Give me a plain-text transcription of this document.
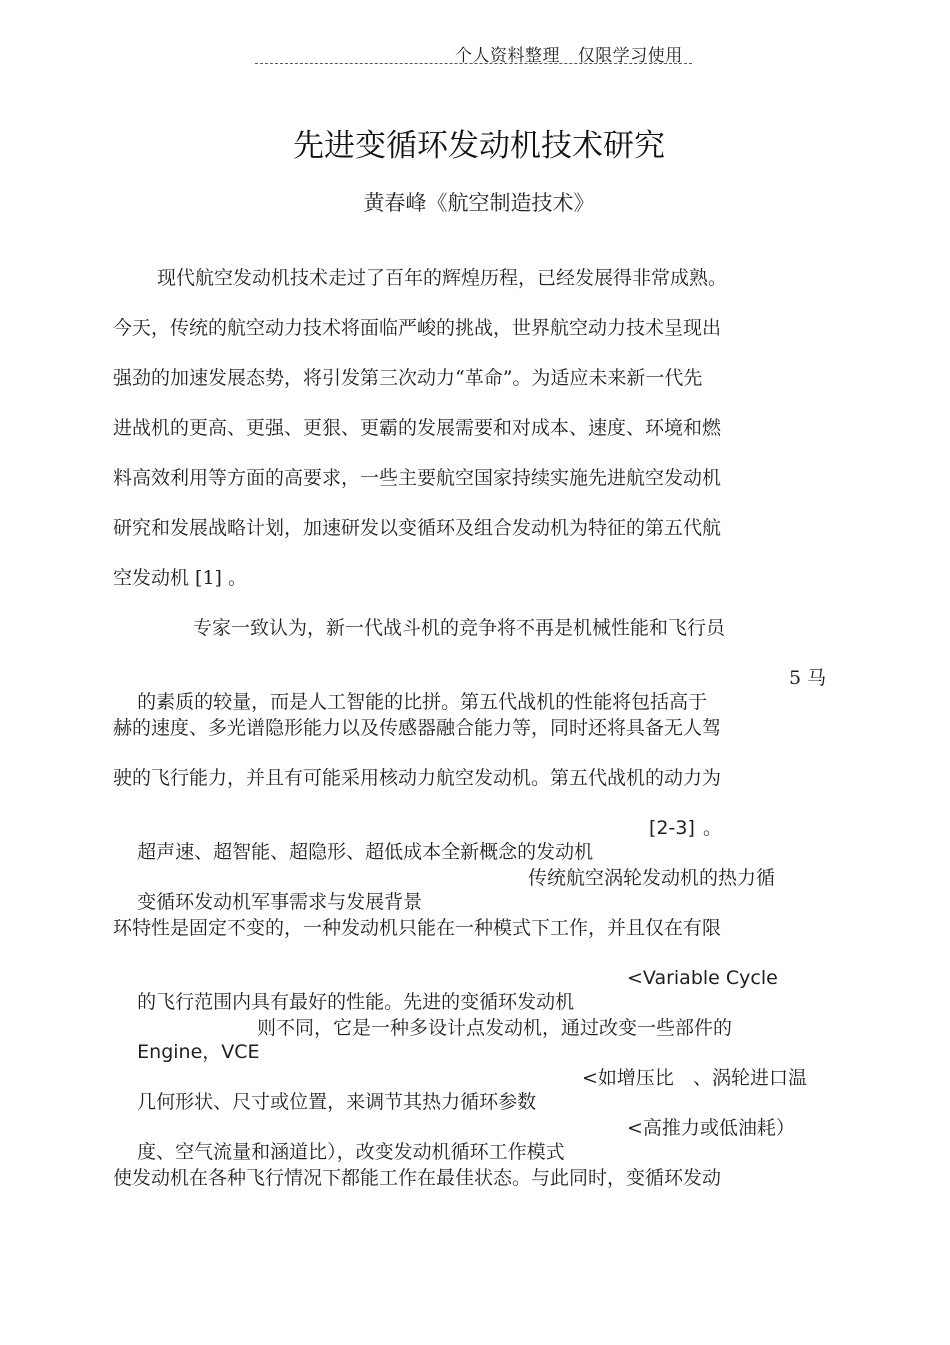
个人资料整理   仅限学习使用
先进变循环发动机技术研究
黄春峰《航空制造技术》
现代航空发动机技术走过了百年的辉煌历程，已经发展得非常成熟。
今天，传统的航空动力技术将面临严峻的挑战，世界航空动力技术呈现出
强劲的加速发展态势，将引发第三次动力“革命”。为适应未来新一代先
进战机的更高、更强、更狠、更霸的发展需要和对成本、速度、环境和燃
料高效利用等方面的高要求，一些主要航空国家持续实施先进航空发动机
研究和发展战略计划，加速研发以变循环及组合发动机为特征的第五代航
空发动机 [1] 。
专家一致认为，新一代战斗机的竞争将不再是机械性能和飞行员

的素质的较量，而是人工智能的比拼。第五代战机的性能将包括高于

5 马

赫的速度、多光谱隐形能力以及传感器融合能力等，同时还将具备无人驾
驶的飞行能力，并且有可能采用核动力航空发动机。第五代战机的动力为

超声速、超智能、超隐形、超低成本全新概念的发动机

[2-3]

。

变循环发动机军事需求与发展背景

传统航空涡轮发动机的热力循

环特性是固定不变的，一种发动机只能在一种模式下工作，并且仅在有限

的飞行范围内具有最好的性能。先进的变循环发动机

<Variable Cycle

Engine，VCE

则不同，它是一种多设计点发动机，通过改变一些部件的

几何形状、尺寸或位置，来调节其热力循环参数

<如增压比

、涡轮进口温

度、空气流量和涵道比），改变发动机循环工作模式

<高推力或低油耗）

使发动机在各种飞行情况下都能工作在最佳状态。与此同时，变循环发动
